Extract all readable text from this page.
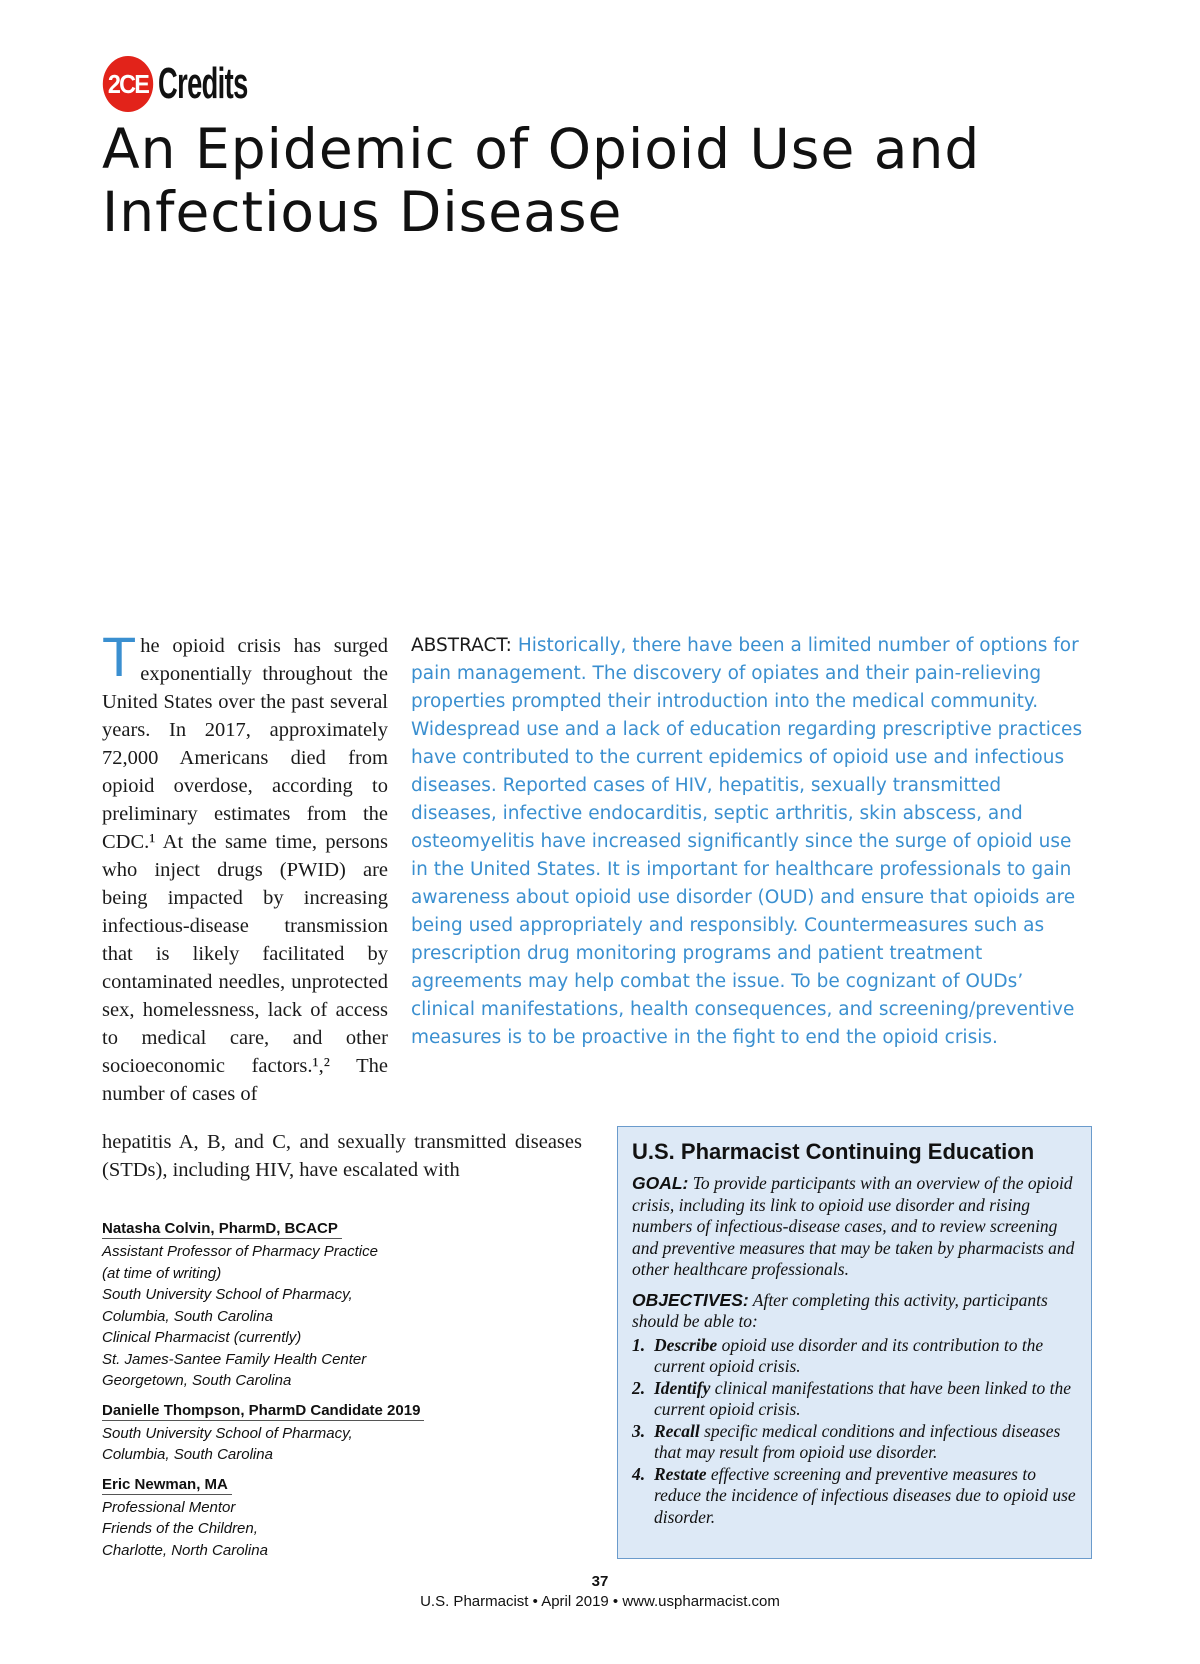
2CE Credits
An Epidemic of Opioid Use and Infectious Disease

The opioid crisis has surged exponentially throughout the United States over the past several years. In 2017, approximately 72,000 Americans died from opioid overdose, according to preliminary estimates from the CDC.¹ At the same time, persons who inject drugs (PWID) are being impacted by increasing infectious-disease transmission that is likely facilitated by contaminated needles, unprotected sex, homelessness, lack of access to medical care, and other socioeconomic factors.¹,² The number of cases of

ABSTRACT: Historically, there have been a limited number of options for pain management. The discovery of opiates and their pain-relieving properties prompted their introduction into the medical community. Widespread use and a lack of education regarding prescriptive practices have contributed to the current epidemics of opioid use and infectious diseases. Reported cases of HIV, hepatitis, sexually transmitted diseases, infective endocarditis, septic arthritis, skin abscess, and osteomyelitis have increased significantly since the surge of opioid use in the United States. It is important for healthcare professionals to gain awareness about opioid use disorder (OUD) and ensure that opioids are being used appropriately and responsibly. Countermeasures such as prescription drug monitoring programs and patient treatment agreements may help combat the issue. To be cognizant of OUDs’ clinical manifestations, health consequences, and screening/preventive measures is to be proactive in the fight to end the opioid crisis.

hepatitis A, B, and C, and sexually transmitted diseases (STDs), including HIV, have escalated with

U.S. Pharmacist Continuing Education

GOAL: To provide participants with an overview of the opioid crisis, including its link to opioid use disorder and rising numbers of infectious-disease cases, and to review screening and preventive measures that may be taken by pharmacists and other healthcare professionals.

OBJECTIVES: After completing this activity, participants should be able to:

1. Describe opioid use disorder and its contribution to the current opioid crisis.
2. Identify clinical manifestations that have been linked to the current opioid crisis.
3. Recall specific medical conditions and infectious diseases that may result from opioid use disorder.
4. Restate effective screening and preventive measures to reduce the incidence of infectious diseases due to opioid use disorder.
Natasha Colvin, PharmD, BCACP
Assistant Professor of Pharmacy Practice
(at time of writing)
South University School of Pharmacy,
Columbia, South Carolina
Clinical Pharmacist (currently)
St. James-Santee Family Health Center
Georgetown, South Carolina
Danielle Thompson, PharmD Candidate 2019
South University School of Pharmacy,
Columbia, South Carolina
Eric Newman, MA
Professional Mentor
Friends of the Children,
Charlotte, North Carolina
37
U.S. Pharmacist • April 2019 • www.uspharmacist.com
